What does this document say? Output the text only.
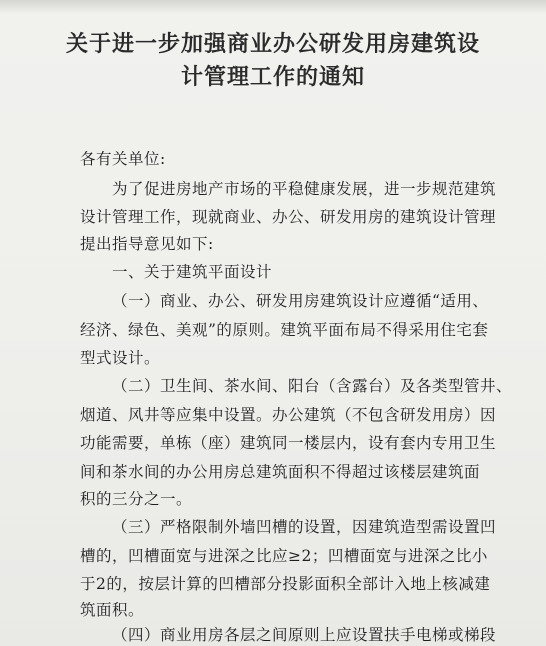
关于进一步加强商业办公研发用房建筑设
计管理工作的通知
各有关单位:
为了促进房地产市场的平稳健康发展，进一步规范建筑
设计管理工作，现就商业、办公、研发用房的建筑设计管理
提出指导意见如下:
一、关于建筑平面设计
（一）商业、办公、研发用房建筑设计应遵循“适用、
经济、绿色、美观”的原则。建筑平面布局不得采用住宅套
型式设计。
（二）卫生间、茶水间、阳台（含露台）及各类型管井、
烟道、风井等应集中设置。办公建筑（不包含研发用房）因
功能需要，单栋（座）建筑同一楼层内，设有套内专用卫生
间和茶水间的办公用房总建筑面积不得超过该楼层建筑面
积的三分之一。
（三）严格限制外墙凹槽的设置，因建筑造型需设置凹
槽的，凹槽面宽与进深之比应≥2；凹槽面宽与进深之比小
于2的，按层计算的凹槽部分投影面积全部计入地上核减建
筑面积。
（四）商业用房各层之间原则上应设置扶手电梯或梯段
